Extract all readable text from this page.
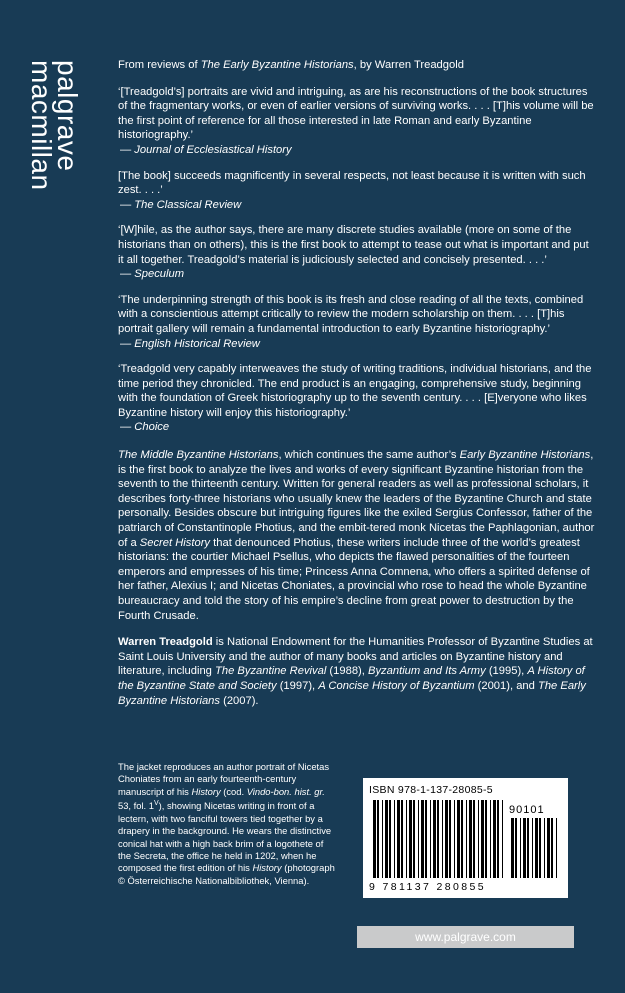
palgrave
macmillan	From reviews of The Early Byzantine Historians, by Warren Treadgold

‘[Treadgold’s] portraits are vivid and intriguing, as are his reconstructions of the book structures of the fragmentary works, or even of earlier versions of surviving works. . . . [T]his volume will be the first point of reference for all those interested in late Roman and early Byzantine historiography.’

— Journal of Ecclesiastical History

[The book] succeeds magnificently in several respects, not least because it is written with such zest. . . .’

— The Classical Review

‘[W]hile, as the author says, there are many discrete studies available (more on some of the historians than on others), this is the first book to attempt to tease out what is important and put it all together. Treadgold’s material is judiciously selected and concisely presented. . . .’

— Speculum

‘The underpinning strength of this book is its fresh and close reading of all the texts, combined with a conscientious attempt critically to review the modern scholarship on them. . . . [T]his portrait gallery will remain a fundamental introduction to early Byzantine historiography.’

— English Historical Review

‘Treadgold very capably interweaves the study of writing traditions, individual historians, and the time period they chronicled. The end product is an engaging, comprehensive study, beginning with the foundation of Greek historiography up to the seventh century. . . . [E]veryone who likes Byzantine history will enjoy this historiography.’

— Choice

The Middle Byzantine Historians, which continues the same author’s Early Byzantine Historians, is the first book to analyze the lives and works of every significant Byzantine historian from the seventh to the thirteenth century. Written for general readers as well as professional scholars, it describes forty-three historians who usually knew the leaders of the Byzantine Church and state personally. Besides obscure but intriguing figures like the exiled Sergius Confessor, father of the patriarch of Constantinople Photius, and the embit-tered monk Nicetas the Paphlagonian, author of a Secret History that denounced Photius, these writers include three of the world’s greatest historians: the courtier Michael Psellus, who depicts the flawed personalities of the fourteen emperors and empresses of his time; Princess Anna Comnena, who offers a spirited defense of her father, Alexius I; and Nicetas Choniates, a provincial who rose to head the whole Byzantine bureaucracy and told the story of his empire’s decline from great power to destruction by the Fourth Crusade.

Warren Treadgold is National Endowment for the Humanities Professor of Byzantine Studies at Saint Louis University and the author of many books and articles on Byzantine history and literature, including The Byzantine Revival (1988), Byzantium and Its Army (1995), A History of the Byzantine State and Society (1997), A Concise History of Byzantium (2001), and The Early Byzantine Historians (2007).

The jacket reproduces an author portrait of Nicetas Choniates from an early fourteenth-century manuscript of his History (cod. Vindo-bon. hist. gr. 53, fol. $1^V$), showing Nicetas writing in front of a lectern, with two fanciful towers tied together by a drapery in the background. He wears the distinctive conical hat with a high back brim of a logothete of the Secreta, the office he held in 1202, when he composed the first edition of his History (photograph © Österreichische Nationalbibliothek, Vienna).

ISBN 978-1-137-28085-5
90101
9 781137 280855
www.palgrave.com
